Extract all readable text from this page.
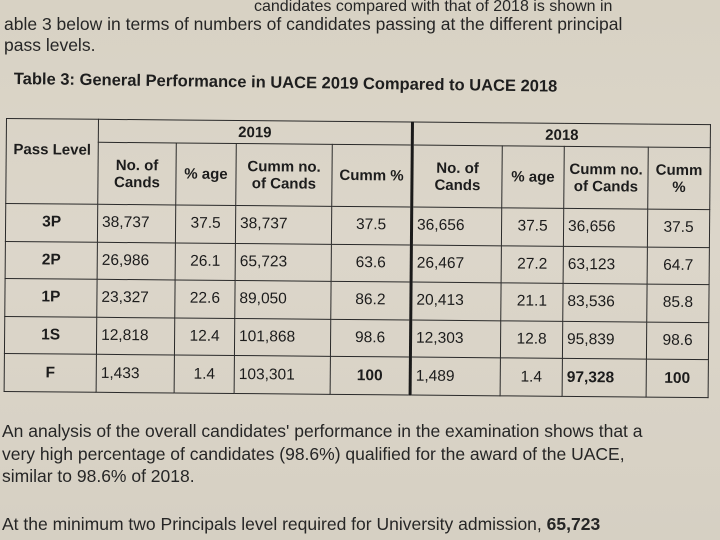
candidates compared with that of 2018 is shown in
able 3 below in terms of numbers of candidates passing at the different principal
pass levels.

Table 3: General Performance in UACE 2019 Compared to UACE 2018

Pass Level	2019				2018			
	No. of Cands	% age	Cumm no. of Cands	Cumm %	No. of Cands	% age	Cumm no. of Cands	Cumm %
3P	38,737	37.5	38,737	37.5	36,656	37.5	36,656	37.5
2P	26,986	26.1	65,723	63.6	26,467	27.2	63,123	64.7
1P	23,327	22.6	89,050	86.2	20,413	21.1	83,536	85.8
1S	12,818	12.4	101,868	98.6	12,303	12.8	95,839	98.6
F	1,433	1.4	103,301	100	1,489	1.4	97,328	100

An analysis of the overall candidates' performance in the examination shows that a
very high percentage of candidates (98.6%) qualified for the award of the UACE,
similar to 98.6% of 2018.

At the minimum two Principals level required for University admission, 65,723
